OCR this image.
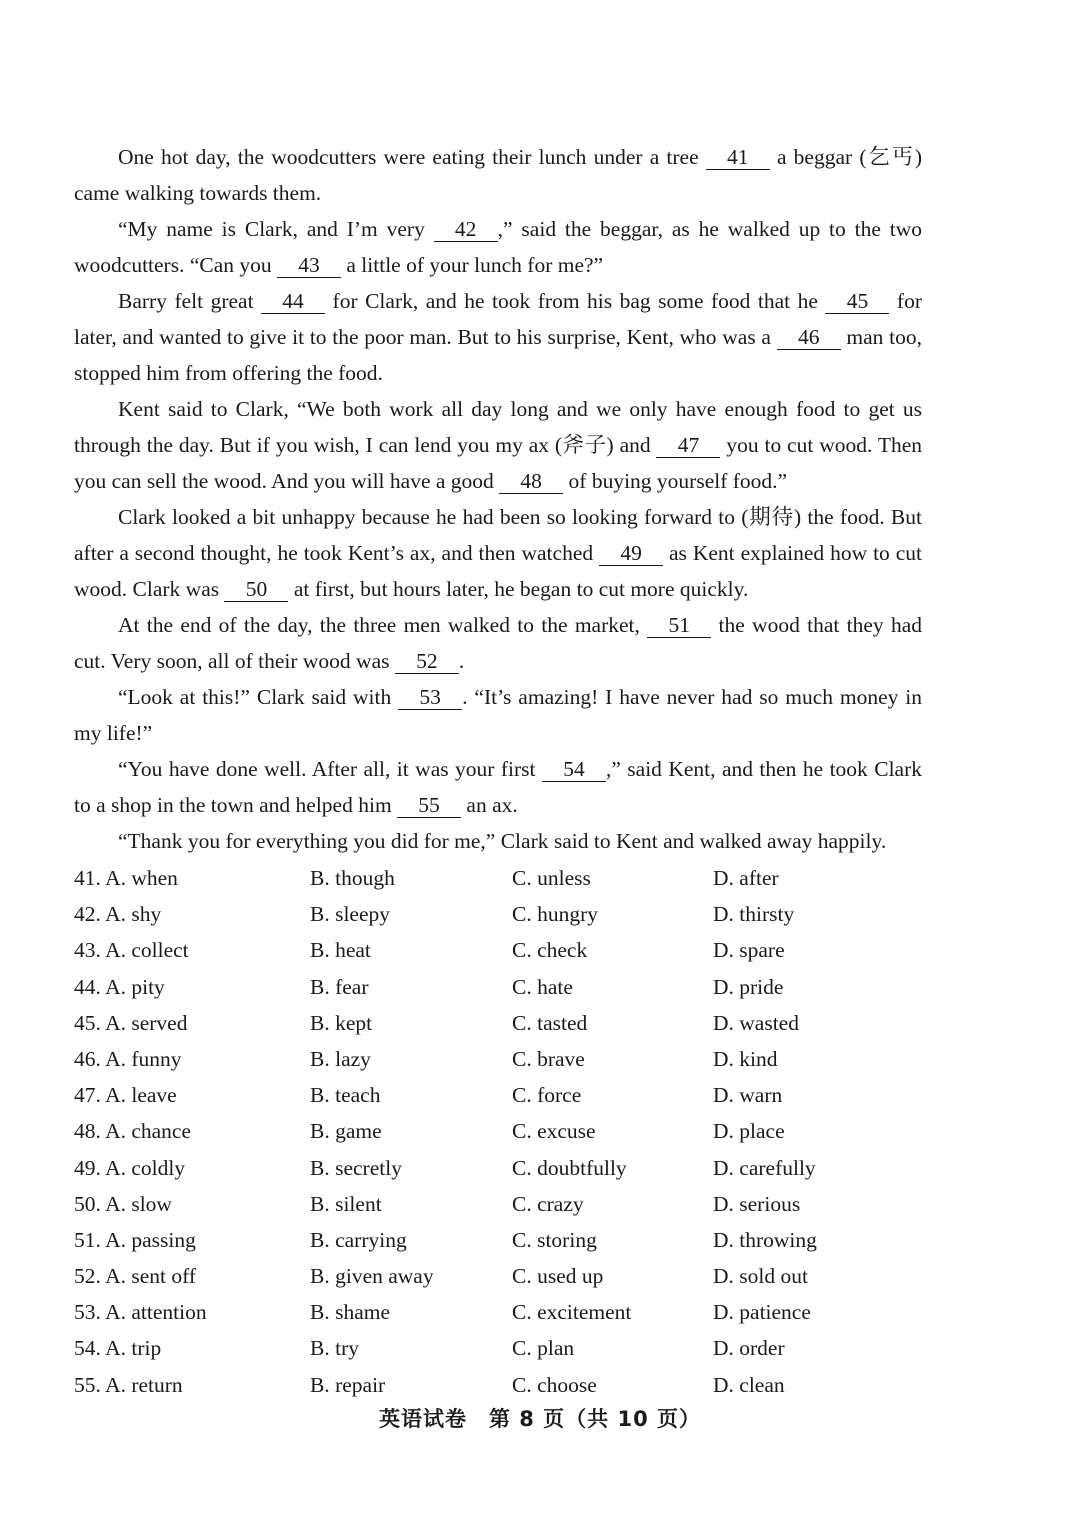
One hot day, the woodcutters were eating their lunch under a tree 41 a beggar (乞丐) came walking towards them.

“My name is Clark, and I’m very 42 ,” said the beggar, as he walked up to the two woodcutters. “Can you 43 a little of your lunch for me?”

Barry felt great 44 for Clark, and he took from his bag some food that he 45 for later, and wanted to give it to the poor man. But to his surprise, Kent, who was a 46 man too, stopped him from offering the food.

Kent said to Clark, “We both work all day long and we only have enough food to get us through the day. But if you wish, I can lend you my ax (斧子) and 47 you to cut wood. Then you can sell the wood. And you will have a good 48 of buying yourself food.”

Clark looked a bit unhappy because he had been so looking forward to (期待) the food. But after a second thought, he took Kent’s ax, and then watched 49 as Kent explained how to cut wood. Clark was 50 at first, but hours later, he began to cut more quickly.

At the end of the day, the three men walked to the market, 51 the wood that they had cut. Very soon, all of their wood was 52 .

“Look at this!” Clark said with 53 . “It’s amazing! I have never had so much money in my life!”

“You have done well. After all, it was your first 54 ,” said Kent, and then he took Clark to a shop in the town and helped him 55 an ax.

“Thank you for everything you did for me,” Clark said to Kent and walked away happily.

41. A. when	B. though	C. unless	D. after
42. A. shy	B. sleepy	C. hungry	D. thirsty
43. A. collect	B. heat	C. check	D. spare
44. A. pity	B. fear	C. hate	D. pride
45. A. served	B. kept	C. tasted	D. wasted
46. A. funny	B. lazy	C. brave	D. kind
47. A. leave	B. teach	C. force	D. warn
48. A. chance	B. game	C. excuse	D. place
49. A. coldly	B. secretly	C. doubtfully	D. carefully
50. A. slow	B. silent	C. crazy	D. serious
51. A. passing	B. carrying	C. storing	D. throwing
52. A. sent off	B. given away	C. used up	D. sold out
53. A. attention	B. shame	C. excitement	D. patience
54. A. trip	B. try	C. plan	D. order
55. A. return	B. repair	C. choose	D. clean
英语试卷　第 8 页（共 10 页）
